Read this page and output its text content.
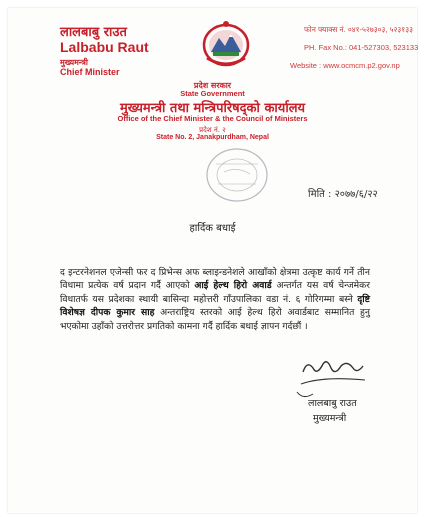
लालबाबु राउत
Lalbabu Raut
मुख्यमन्त्री
Chief Minister
फोन फ्याक्स नं. ०४१-५२७३०३, ५२३१३३
PH. Fax No.: 041-527303, 523133
Website : www.ocmcm.p2.gov.np
प्रदेश सरकार
State Government
मुख्यमन्त्री तथा मन्त्रिपरिषद्को कार्यालय
Office of the Chief Minister & the Council of Ministers
प्रदेश नं. २
State No. 2, Janakpurdham, Nepal
मिति : २०७७/६/२२
हार्दिक बधाई
द इन्टरनेशनल एजेन्सी फर द प्रिभेन्स अफ ब्लाइन्डनेशले आखाँको क्षेत्रमा उत्कृष्ट कार्य गर्ने तीन विधामा प्रत्येक वर्ष प्रदान गर्दै आएको आई हेल्थ हिरो अवार्ड अन्तर्गत यस वर्ष चेन्जमेकर विधातर्फ यस प्रदेशका स्थायी बासिन्दा महोत्तरी गाँउपालिका वडा नं. ६ गोरिगम्मा बस्ने दृष्टि विशेषज्ञ दीपक कुमार साह अन्तराष्ट्रिय स्तरको आई हेल्थ हिरो अवार्डबाट सम्मानित हुनु भएकोमा उहाँको उत्तरोत्तर प्रगतिको कामना गर्दै हार्दिक बधाई ज्ञापन गर्दछौं ।
लालबाबु राउत
मुख्यमन्त्री
